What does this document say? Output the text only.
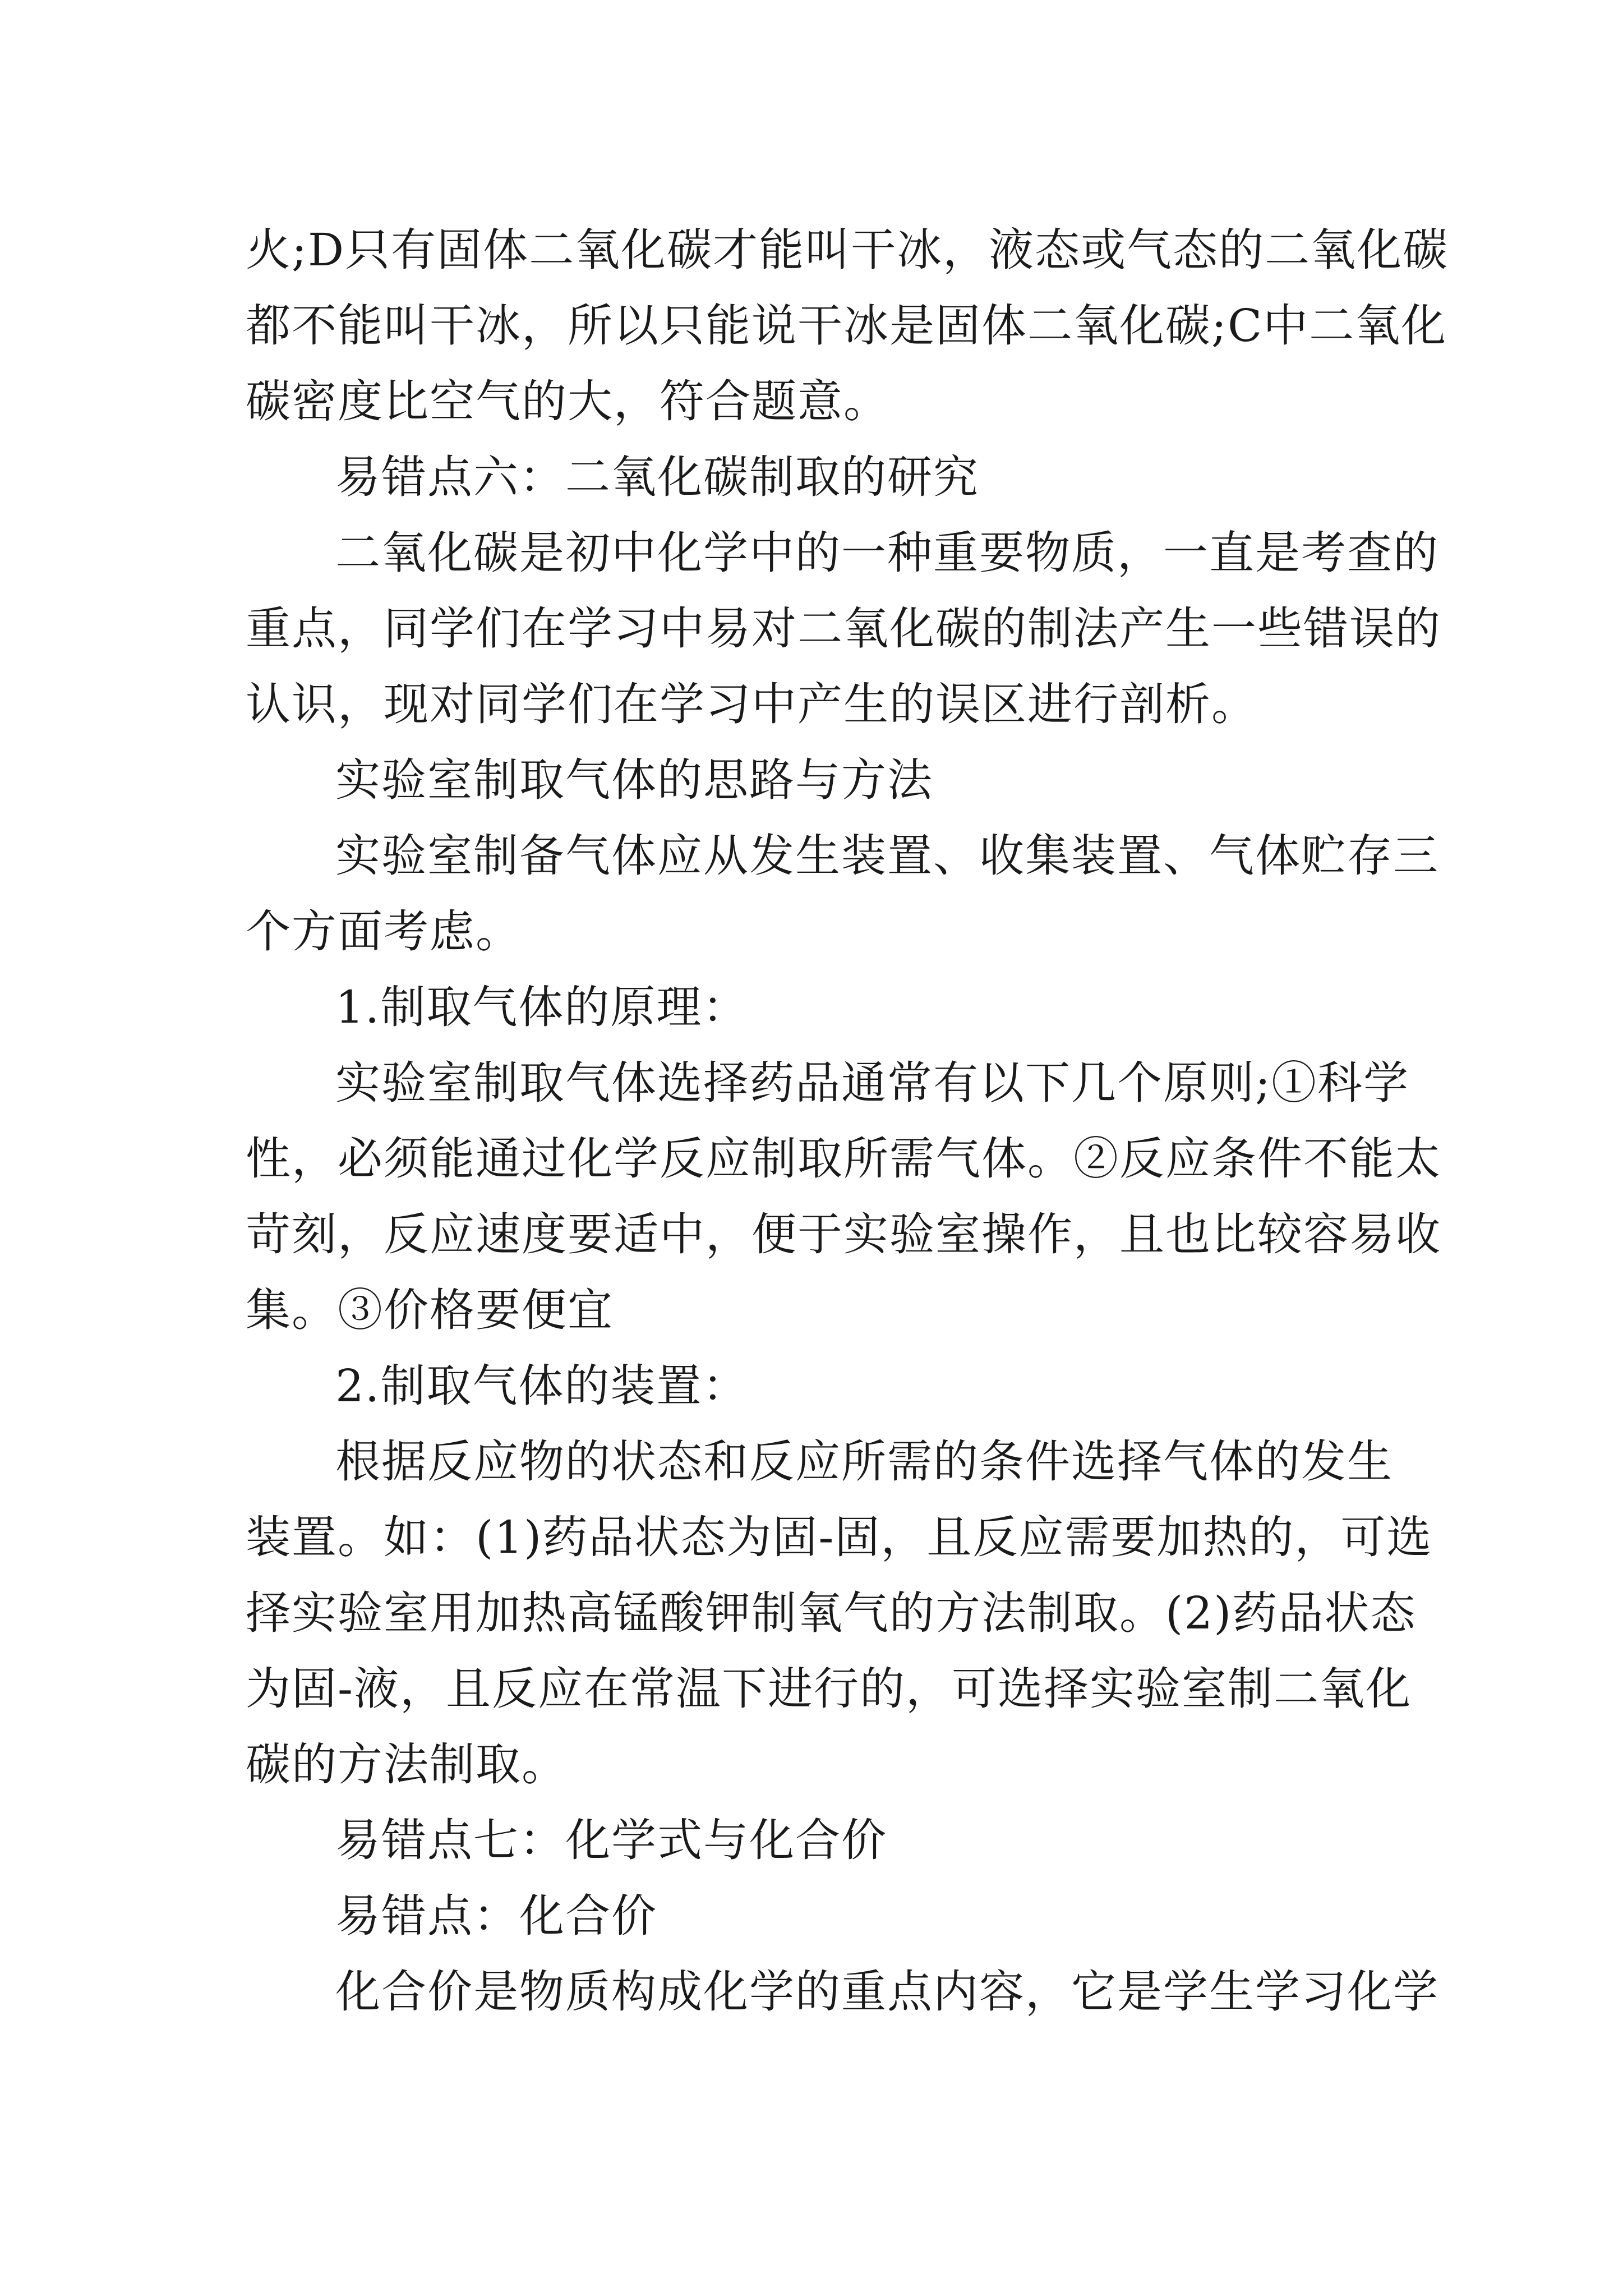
火;D只有固体二氧化碳才能叫干冰，液态或气态的二氧化碳
都不能叫干冰，所以只能说干冰是固体二氧化碳;C中二氧化
碳密度比空气的大，符合题意。
易错点六：二氧化碳制取的研究
二氧化碳是初中化学中的一种重要物质，一直是考查的
重点，同学们在学习中易对二氧化碳的制法产生一些错误的
认识，现对同学们在学习中产生的误区进行剖析。
实验室制取气体的思路与方法
实验室制备气体应从发生装置、收集装置、气体贮存三
个方面考虑。
1.制取气体的原理：
实验室制取气体选择药品通常有以下几个原则;①科学
性，必须能通过化学反应制取所需气体。②反应条件不能太
苛刻，反应速度要适中，便于实验室操作，且也比较容易收
集。③价格要便宜
2.制取气体的装置：
根据反应物的状态和反应所需的条件选择气体的发生
装置。如：(1)药品状态为固-固，且反应需要加热的，可选
择实验室用加热高锰酸钾制氧气的方法制取。(2)药品状态
为固-液，且反应在常温下进行的，可选择实验室制二氧化
碳的方法制取。
易错点七：化学式与化合价
易错点：化合价
化合价是物质构成化学的重点内容，它是学生学习化学
